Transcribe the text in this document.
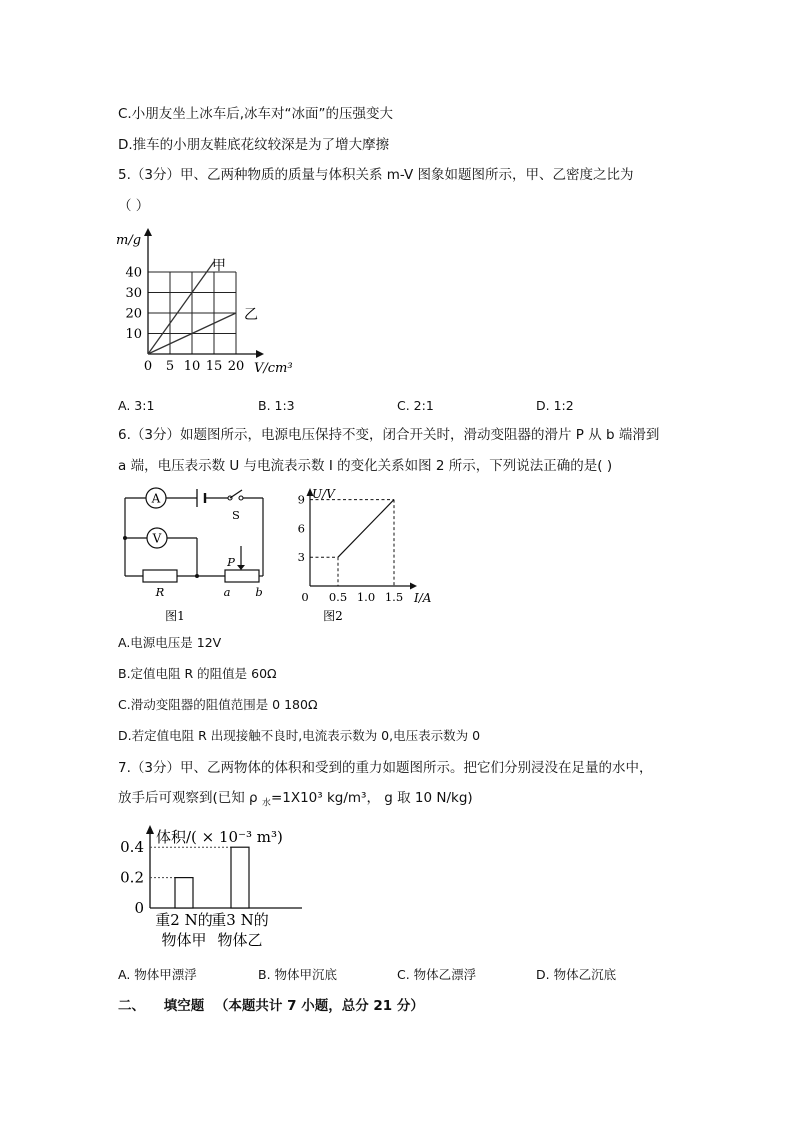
C.小朋友坐上冰车后,冰车对“冰面”的压强变大
D.推车的小朋友鞋底花纹较深是为了增大摩擦
5.（3分）甲、乙两种物质的质量与体积关系 m-V 图象如题图所示，甲、乙密度之比为
（ ）
0 5 10 15 20
10
20
30
40
m/g
V/cm³
甲
乙
A. 3:1	B. 1:3	C. 2:1	D. 1:2
6.（3分）如题图所示，电源电压保持不变，闭合开关时，滑动变阻器的滑片 P 从 b 端滑到
a 端，电压表示数 U 与电流表示数 I 的变化关系如图 2 所示，下列说法正确的是( )
A
S
V
R
P
a b
图1
U/V
I/A
3
6
9
0 0.5 1.0 1.5
图2
A.电源电压是 12V
B.定值电阻 R 的阻值是 60Ω
C.滑动变阻器的阻值范围是 0 180Ω
D.若定值电阻 R 出现接触不良时,电流表示数为 0,电压表示数为 0
7.（3分）甲、乙两物体的体积和受到的重力如题图所示。把它们分别浸没在足量的水中，
放手后可观察到(已知 ρ $_水$=1X10³ kg/m³， g 取 10 N/kg)
体积/( × 10⁻³ m³)
0
0.2
0.4
重2 N的
物体甲
重3 N的
物体乙
A. 物体甲漂浮	B. 物体甲沉底	C. 物体乙漂浮	D. 物体乙沉底
二、 填空题 （本题共计 7 小题，总分 21 分）
